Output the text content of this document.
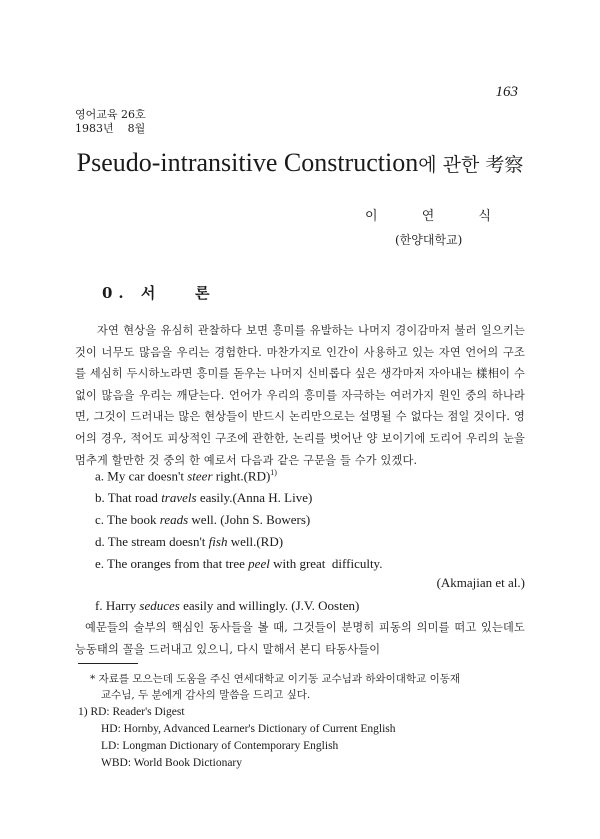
163
영어교육 26호
1983년    8월
Pseudo-intransitive Construction에 관한 考察
이 연 식
(한양대학교)
0. 서   론
자연 현상을 유심히 관찰하다 보면 흥미를 유발하는 나머지 경이감마저 불러 일으키는 것이 너무도 많음을 우리는 경험한다. 마찬가지로 인간이 사용하고 있는 자연 언어의 구조를 세심히 두시하노라면 흥미를 돋우는 나머지 신비롭다 싶은 생각마저 자아내는 樣相이 수없이 많음을 우리는 깨닫는다. 언어가 우리의 흥미를 자극하는 여러가지 원인 중의 하나라면, 그것이 드러내는 많은 현상들이 반드시 논리만으로는 설명될 수 없다는 점일 것이다. 영어의 경우, 적어도 피상적인 구조에 관한한, 논리를 벗어난 양 보이기에 도리어 우리의 눈을 멈추게 할만한 것 중의 한 예로서 다음과 같은 구문을 들 수가 있겠다.
a. My car doesn't steer right.(RD)$^{1)}$
b. That road travels easily.(Anna H. Live)
c. The book reads well. (John S. Bowers)
d. The stream doesn't fish well.(RD)
e. The oranges from that tree peel with great  difficulty.
(Akmajian et al.)
f. Harry seduces easily and willingly. (J.V. Oosten)
예문들의 술부의 핵심인 동사들을 볼 때, 그것들이 분명히 피동의 의미를 떠고 있는데도 능동태의 꼴을 드러내고 있으니, 다시 말해서 본디 타동사들이
* 자료를 모으는데 도움을 주신 연세대학교 이기동 교수님과 하와이대학교 이동재
교수님, 두 분에게 감사의 말씀을 드리고 싶다.
1) RD: Reader's Digest
HD: Hornby, Advanced Learner's Dictionary of Current English
LD: Longman Dictionary of Contemporary English
WBD: World Book Dictionary
